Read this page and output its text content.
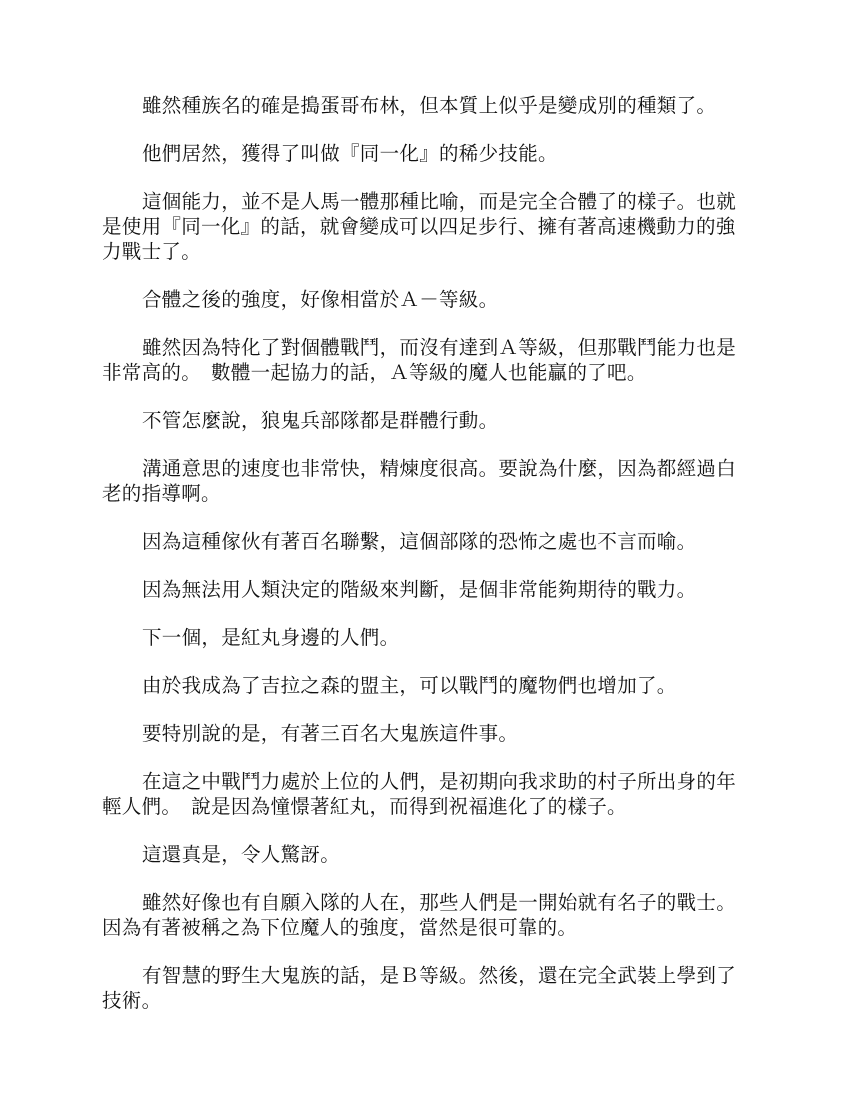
雖然種族名的確是搗蛋哥布林，但本質上似乎是變成別的種類了。

他們居然，獲得了叫做『同一化』的稀少技能。

這個能力，並不是人馬一體那種比喻，而是完全合體了的樣子。也就是使用『同一化』的話，就會變成可以四足步行、擁有著高速機動力的強力戰士了。

合體之後的強度，好像相當於Ａ－等級。

雖然因為特化了對個體戰鬥，而沒有達到Ａ等級，但那戰鬥能力也是非常高的。　數體一起協力的話，Ａ等級的魔人也能贏的了吧。

不管怎麼說，狼鬼兵部隊都是群體行動。

溝通意思的速度也非常快，精煉度很高。要說為什麼，因為都經過白老的指導啊。

因為這種傢伙有著百名聯繫，這個部隊的恐怖之處也不言而喻。

因為無法用人類決定的階級來判斷，是個非常能夠期待的戰力。

下一個，是紅丸身邊的人們。

由於我成為了吉拉之森的盟主，可以戰鬥的魔物們也增加了。

要特別說的是，有著三百名大鬼族這件事。

在這之中戰鬥力處於上位的人們，是初期向我求助的村子所出身的年輕人們。　說是因為憧憬著紅丸，而得到祝福進化了的樣子。

這還真是，令人驚訝。

雖然好像也有自願入隊的人在，那些人們是一開始就有名子的戰士。因為有著被稱之為下位魔人的強度，當然是很可靠的。

有智慧的野生大鬼族的話，是Ｂ等級。然後，還在完全武裝上學到了技術。
